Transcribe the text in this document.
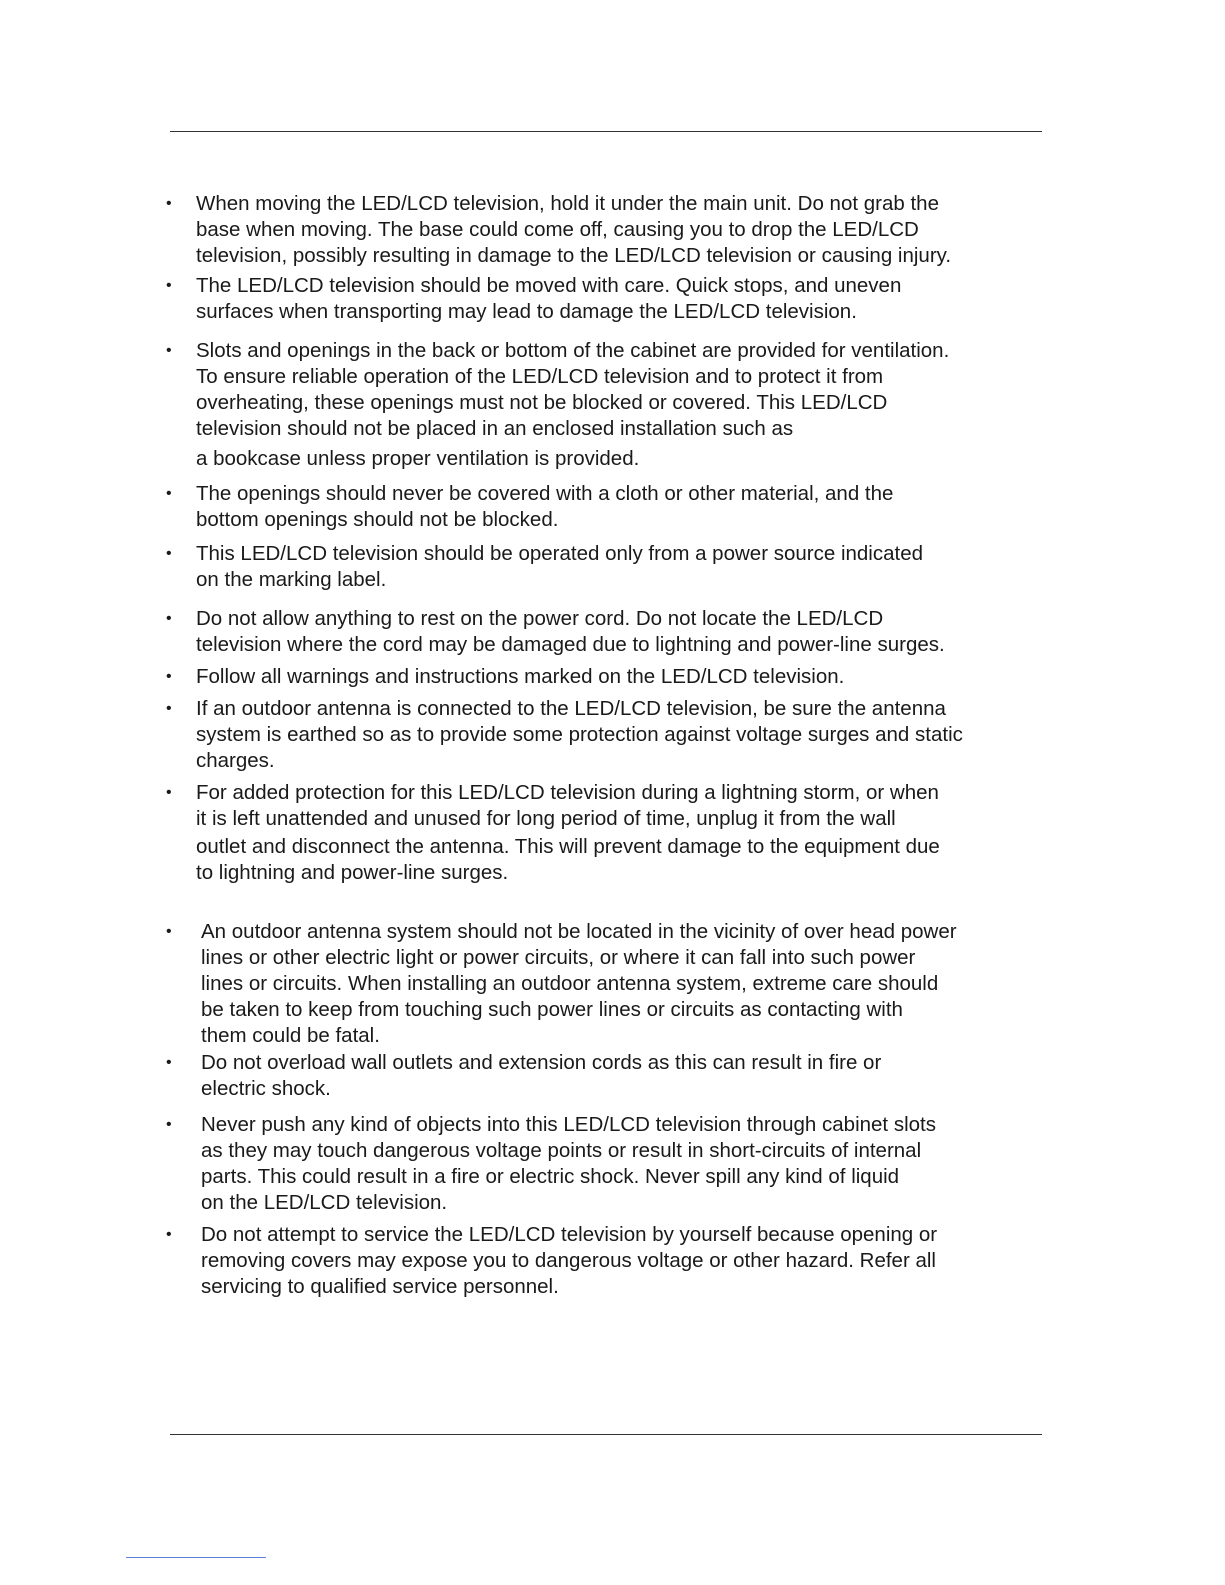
•	When moving the LED/LCD television, hold it under the main unit. Do not grab the
base when moving. The base could come off, causing you to drop the LED/LCD
television, possibly resulting in damage to the LED/LCD television or causing injury.
•	The LED/LCD television should be moved with care. Quick stops, and uneven
surfaces when transporting may lead to damage the LED/LCD television.
•	Slots and openings in the back or bottom of the cabinet are provided for ventilation.
To ensure reliable operation of the LED/LCD television and to protect it from
overheating, these openings must not be blocked or covered. This LED/LCD
television should not be placed in an enclosed installation such as
a bookcase unless proper ventilation is provided.
•	The openings should never be covered with a cloth or other material, and the
bottom openings should not be blocked.
•	This LED/LCD television should be operated only from a power source indicated
on the marking label.
•	Do not allow anything to rest on the power cord. Do not locate the LED/LCD
television where the cord may be damaged due to lightning and power-line surges.
•	Follow all warnings and instructions marked on the LED/LCD television.
•	If an outdoor antenna is connected to the LED/LCD television, be sure the antenna
system is earthed so as to provide some protection against voltage surges and static
charges.
•	For added protection for this LED/LCD television during a lightning storm, or when
it is left unattended and unused for long period of time, unplug it from the wall
outlet and disconnect the antenna. This will prevent damage to the equipment due
to lightning and power-line surges.
•	An outdoor antenna system should not be located in the vicinity of over head power
lines or other electric light or power circuits, or where it can fall into such power
lines or circuits. When installing an outdoor antenna system, extreme care should
be taken to keep from touching such power lines or circuits as contacting with
them could be fatal.
•	Do not overload wall outlets and extension cords as this can result in fire or
electric shock.
•	Never push any kind of objects into this LED/LCD television through cabinet slots
as they may touch dangerous voltage points or result in short-circuits of internal
parts. This could result in a fire or electric shock. Never spill any kind of liquid
on the LED/LCD television.
•	Do not attempt to service the LED/LCD television by yourself because opening or
removing covers may expose you to dangerous voltage or other hazard. Refer all
servicing to qualified service personnel.
